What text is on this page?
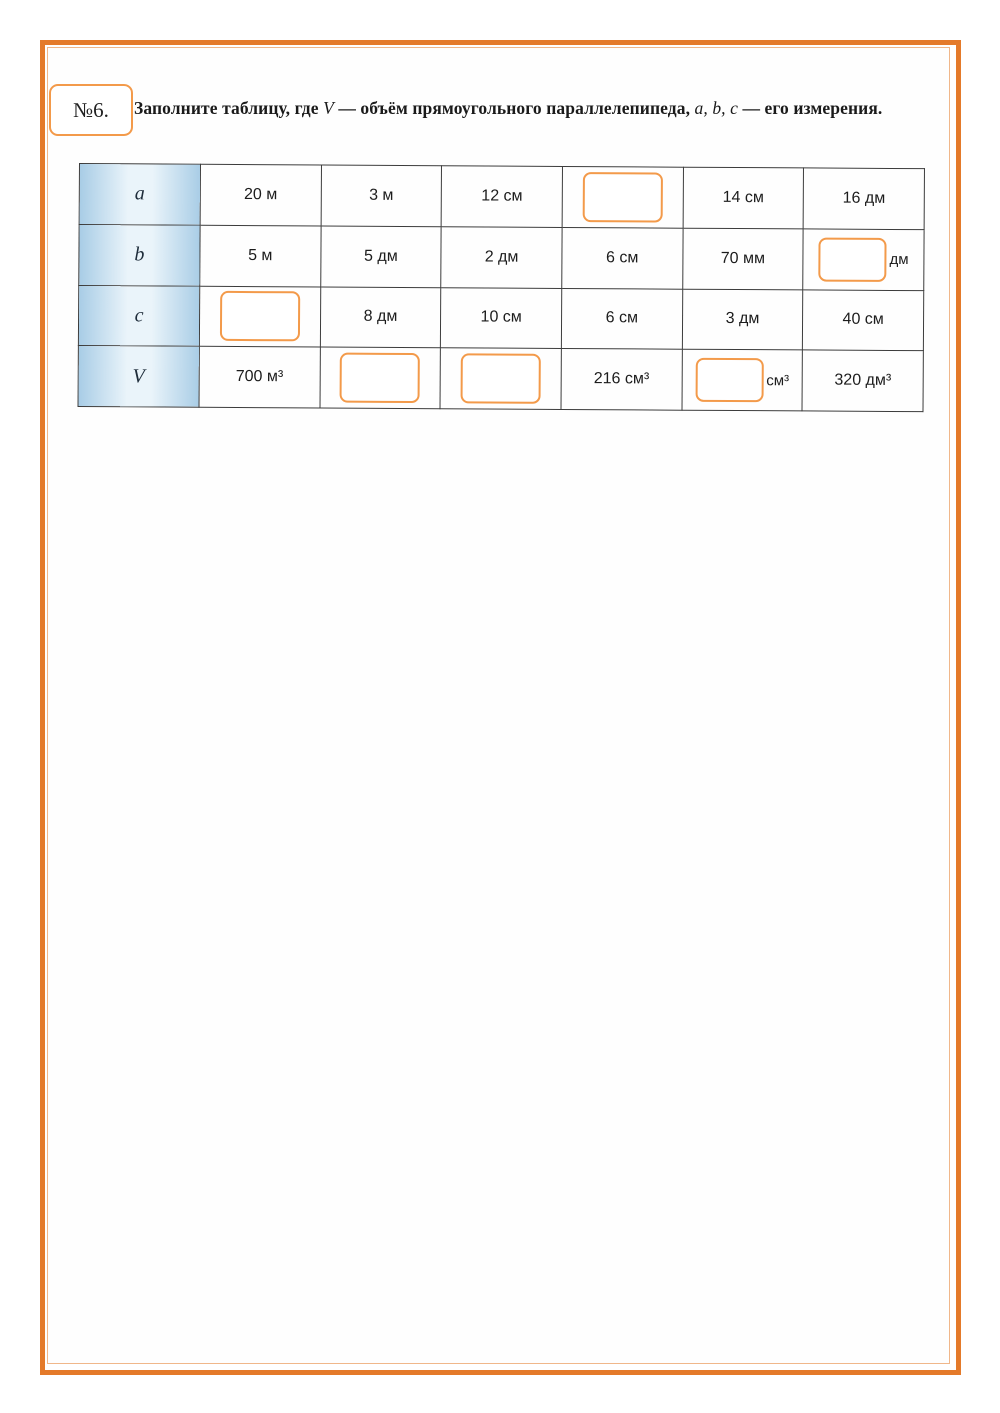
№6.	Заполните таблицу, где V — объём прямоугольного параллелепипеда, a, b, c — его измерения.
a	20 м	3 м	12 см		14 см	16 дм
b	5 м	5 дм	2 дм	6 см	70 мм	дм

c		8 дм	10 см	6 см	3 дм	40 см
V	700 м³			216 см³	см³	320 дм³
